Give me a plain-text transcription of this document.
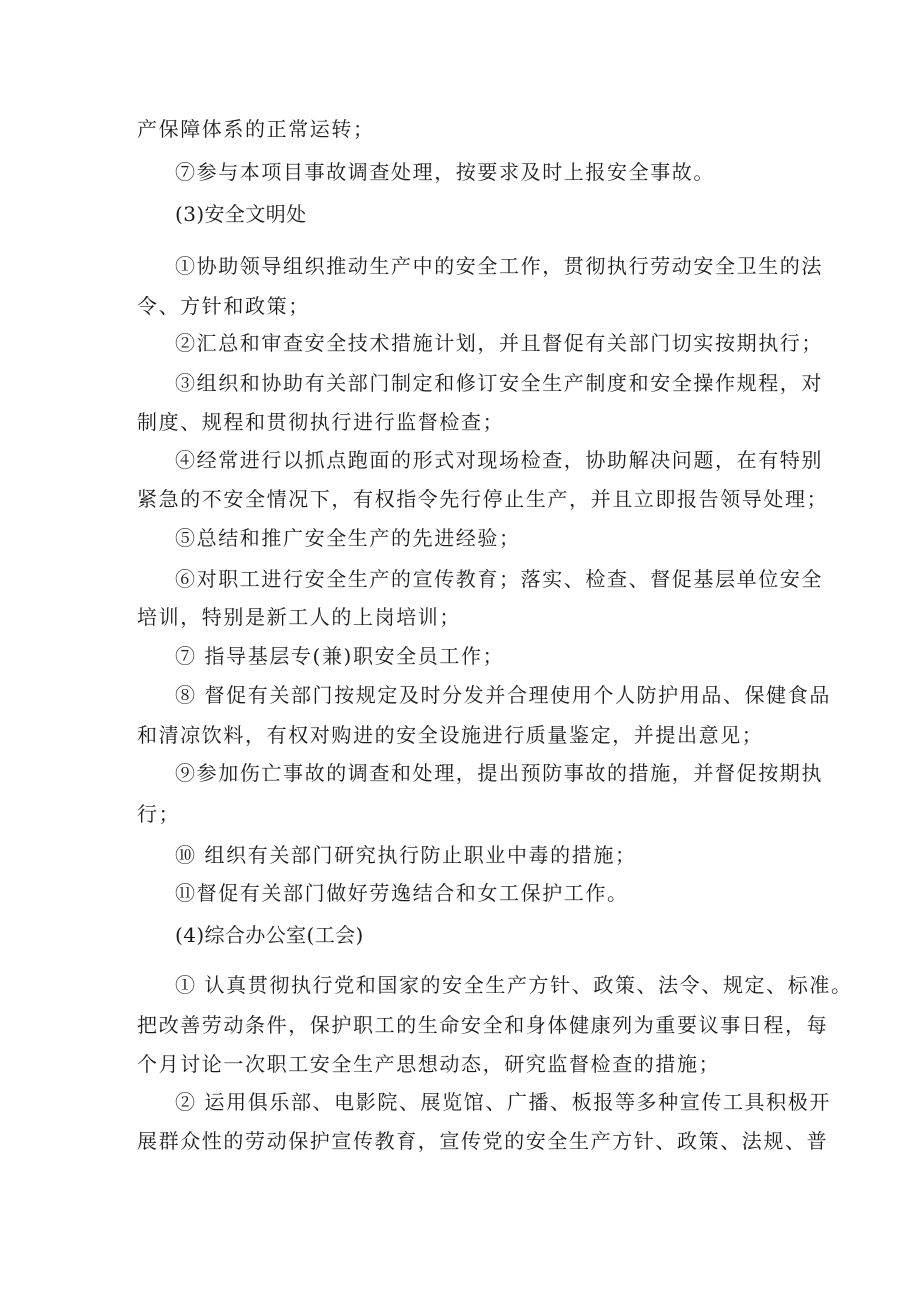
产保障体系的正常运转；
⑦参与本项目事故调查处理，按要求及时上报安全事故。
(3)安全文明处
①协助领导组织推动生产中的安全工作，贯彻执行劳动安全卫生的法
令、方针和政策；
②汇总和审查安全技术措施计划，并且督促有关部门切实按期执行；
③组织和协助有关部门制定和修订安全生产制度和安全操作规程，对
制度、规程和贯彻执行进行监督检查；
④经常进行以抓点跑面的形式对现场检查，协助解决问题，在有特别
紧急的不安全情况下，有权指令先行停止生产，并且立即报告领导处理；
⑤总结和推广安全生产的先进经验；
⑥对职工进行安全生产的宣传教育；落实、检查、督促基层单位安全
培训，特别是新工人的上岗培训；
⑦ 指导基层专(兼)职安全员工作；
⑧ 督促有关部门按规定及时分发并合理使用个人防护用品、保健食品
和清凉饮料，有权对购进的安全设施进行质量鉴定，并提出意见；
⑨参加伤亡事故的调查和处理，提出预防事故的措施，并督促按期执
行；
⑩ 组织有关部门研究执行防止职业中毒的措施；
⑪督促有关部门做好劳逸结合和女工保护工作。
(4)综合办公室(工会)
① 认真贯彻执行党和国家的安全生产方针、政策、法令、规定、标准。
把改善劳动条件，保护职工的生命安全和身体健康列为重要议事日程，每
个月讨论一次职工安全生产思想动态，研究监督检查的措施；
② 运用俱乐部、电影院、展览馆、广播、板报等多种宣传工具积极开
展群众性的劳动保护宣传教育，宣传党的安全生产方针、政策、法规、普
